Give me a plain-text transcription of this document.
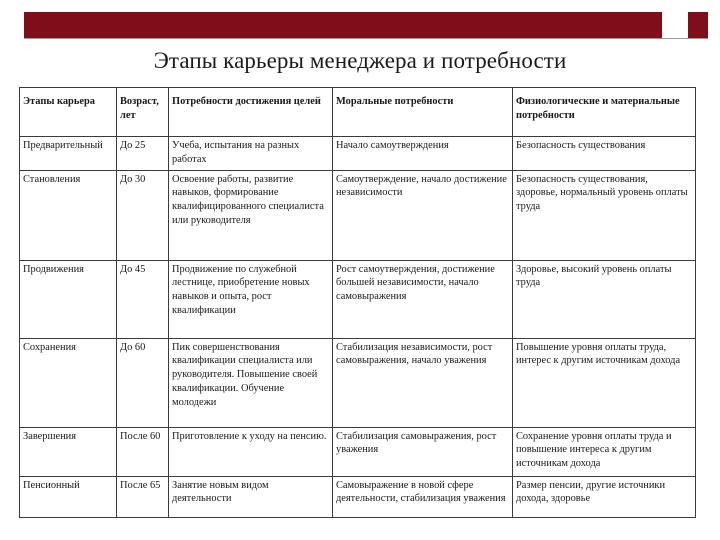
Этапы карьеры менеджера и потребности
Этапы карьера	Возраст, лет	Потребности достижения целей	Моральные потребности	Физиологические и материальные потребности
Предварительный	До 25	Учеба, испытания на разных работах	Начало самоутверждения	Безопасность существования
Становления	До 30	Освоение работы, развитие навыков, формирование квалифицированного специалиста или руководителя	Самоутверждение, начало достижение независимости	Безопасность существования, здоровье, нормальный уровень оплаты труда
Продвижения	До 45	Продвижение по служебной лестнице, приобретение новых навыков и опыта, рост квалификации	Рост самоутверждения, достижение большей независимости, начало самовыражения	Здоровье, высокий уровень оплаты труда
Сохранения	До 60	Пик совершенствования квалификации специалиста или руководителя. Повышение своей квалификации. Обучение молодежи	Стабилизация независимости, рост самовыражения, начало уважения	Повышение уровня оплаты труда, интерес к другим источникам дохода
Завершения	После 60	Приготовление к уходу на пенсию.	Стабилизация самовыражения, рост уважения	Сохранение уровня оплаты труда и повышение интереса к другим источникам дохода
Пенсионный	После 65	Занятие новым видом деятельности	Самовыражение в новой сфере деятельности, стабилизация уважения	Размер пенсии, другие источники дохода, здоровье
